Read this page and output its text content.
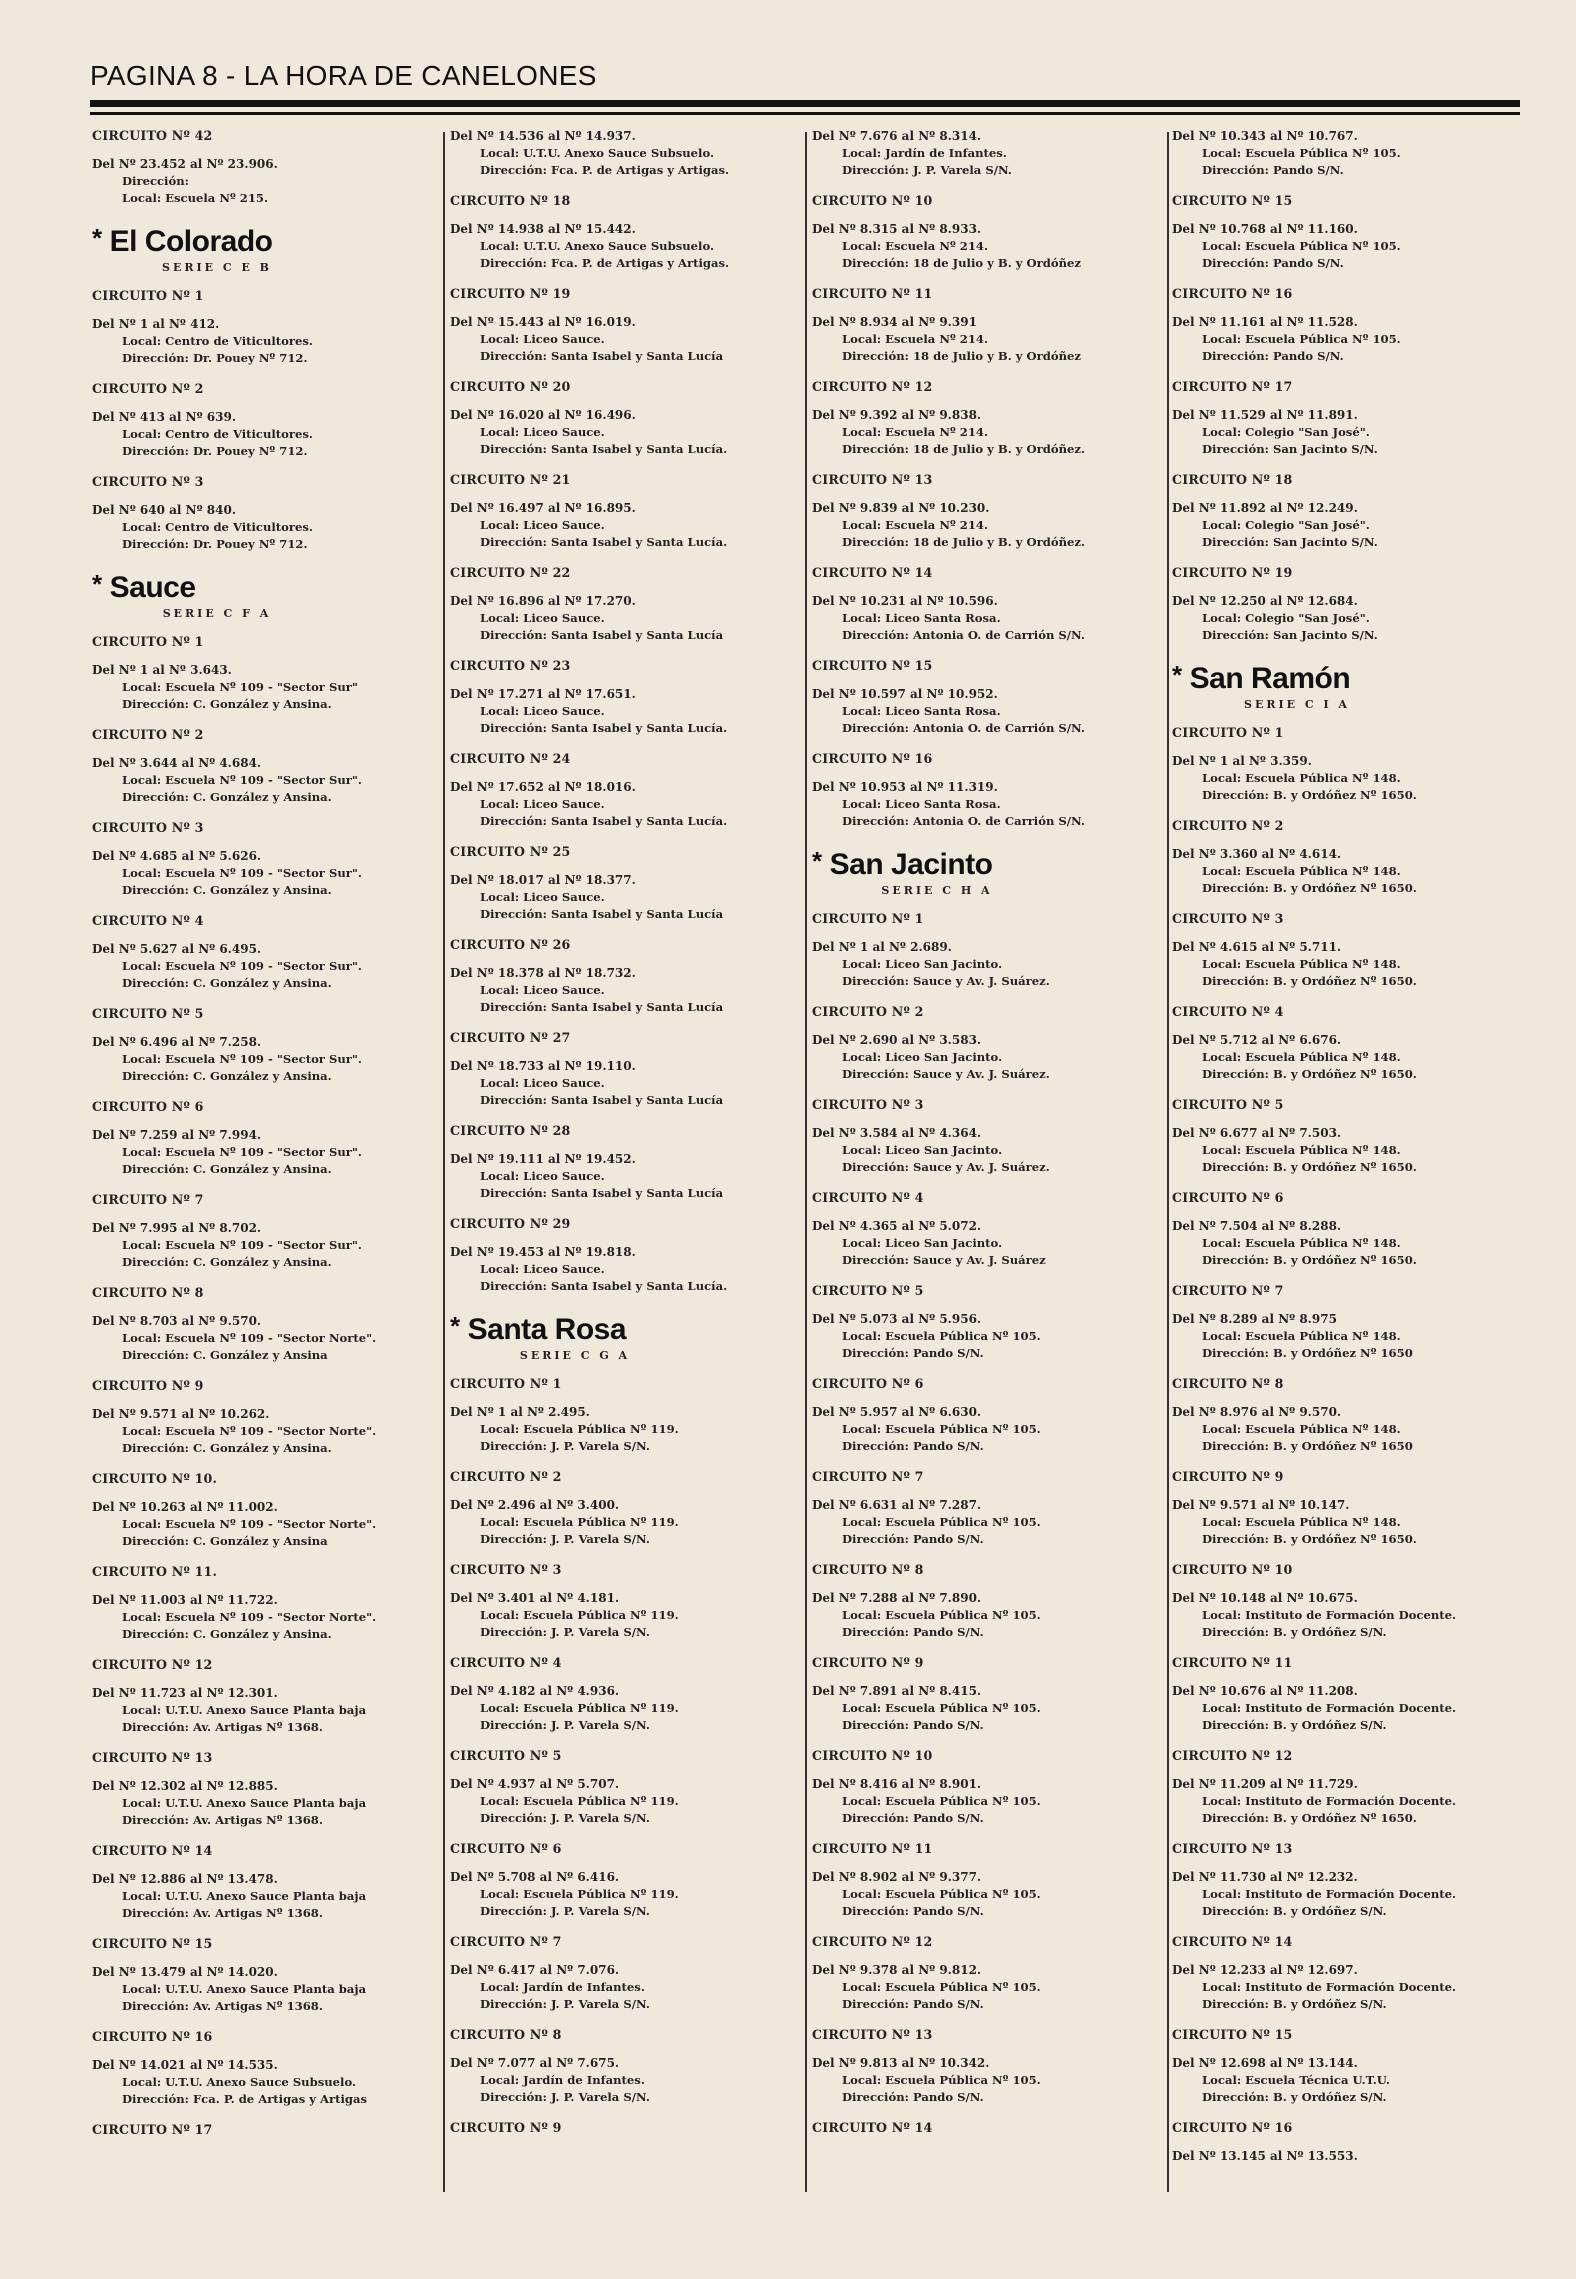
PAGINA 8 - LA HORA DE CANELONES
CIRCUITO Nº 42
Del Nº 23.452 al Nº 23.906.
Dirección:
Local: Escuela Nº 215.
* El Colorado
SERIE C E B
CIRCUITO Nº 1
Del Nº 1 al Nº 412.
Local: Centro de Viticultores.
Dirección: Dr. Pouey Nº 712.
CIRCUITO Nº 2
Del Nº 413 al Nº 639.
Local: Centro de Viticultores.
Dirección: Dr. Pouey Nº 712.
CIRCUITO Nº 3
Del Nº 640 al Nº 840.
Local: Centro de Viticultores.
Dirección: Dr. Pouey Nº 712.
* Sauce
SERIE C F A
CIRCUITO Nº 1
Del Nº 1 al Nº 3.643.
Local: Escuela Nº 109 - "Sector Sur"
Dirección: C. González y Ansina.
CIRCUITO Nº 2
Del Nº 3.644 al Nº 4.684.
Local: Escuela Nº 109 - "Sector Sur".
Dirección: C. González y Ansina.
CIRCUITO Nº 3
Del Nº 4.685 al Nº 5.626.
Local: Escuela Nº 109 - "Sector Sur".
Dirección: C. González y Ansina.
CIRCUITO Nº 4
Del Nº 5.627 al Nº 6.495.
Local: Escuela Nº 109 - "Sector Sur".
Dirección: C. González y Ansina.
CIRCUITO Nº 5
Del Nº 6.496 al Nº 7.258.
Local: Escuela Nº 109 - "Sector Sur".
Dirección: C. González y Ansina.
CIRCUITO Nº 6
Del Nº 7.259 al Nº 7.994.
Local: Escuela Nº 109 - "Sector Sur".
Dirección: C. González y Ansina.
CIRCUITO Nº 7
Del Nº 7.995 al Nº 8.702.
Local: Escuela Nº 109 - "Sector Sur".
Dirección: C. González y Ansina.
CIRCUITO Nº 8
Del Nº 8.703 al Nº 9.570.
Local: Escuela Nº 109 - "Sector Norte".
Dirección: C. González y Ansina
CIRCUITO Nº 9
Del Nº 9.571 al Nº 10.262.
Local: Escuela Nº 109 - "Sector Norte".
Dirección: C. González y Ansina.
CIRCUITO Nº 10.
Del Nº 10.263 al Nº 11.002.
Local: Escuela Nº 109 - "Sector Norte".
Dirección: C. González y Ansina
CIRCUITO Nº 11.
Del Nº 11.003 al Nº 11.722.
Local: Escuela Nº 109 - "Sector Norte".
Dirección: C. González y Ansina.
CIRCUITO Nº 12
Del Nº 11.723 al Nº 12.301.
Local: U.T.U. Anexo Sauce Planta baja
Dirección: Av. Artigas Nº 1368.
CIRCUITO Nº 13
Del Nº 12.302 al Nº 12.885.
Local: U.T.U. Anexo Sauce Planta baja
Dirección: Av. Artigas Nº 1368.
CIRCUITO Nº 14
Del Nº 12.886 al Nº 13.478.
Local: U.T.U. Anexo Sauce Planta baja
Dirección: Av. Artigas Nº 1368.
CIRCUITO Nº 15
Del Nº 13.479 al Nº 14.020.
Local: U.T.U. Anexo Sauce Planta baja
Dirección: Av. Artigas Nº 1368.
CIRCUITO Nº 16
Del Nº 14.021 al Nº 14.535.
Local: U.T.U. Anexo Sauce Subsuelo.
Dirección: Fca. P. de Artigas y Artigas
CIRCUITO Nº 17
Del Nº 14.536 al Nº 14.937.
Local: U.T.U. Anexo Sauce Subsuelo.
Dirección: Fca. P. de Artigas y Artigas.
CIRCUITO Nº 18
Del Nº 14.938 al Nº 15.442.
Local: U.T.U. Anexo Sauce Subsuelo.
Dirección: Fca. P. de Artigas y Artigas.
CIRCUITO Nº 19
Del Nº 15.443 al Nº 16.019.
Local: Liceo Sauce.
Dirección: Santa Isabel y Santa Lucía
CIRCUITO Nº 20
Del Nº 16.020 al Nº 16.496.
Local: Liceo Sauce.
Dirección: Santa Isabel y Santa Lucía.
CIRCUITO Nº 21
Del Nº 16.497 al Nº 16.895.
Local: Liceo Sauce.
Dirección: Santa Isabel y Santa Lucía.
CIRCUITO Nº 22
Del Nº 16.896 al Nº 17.270.
Local: Liceo Sauce.
Dirección: Santa Isabel y Santa Lucía
CIRCUITO Nº 23
Del Nº 17.271 al Nº 17.651.
Local: Liceo Sauce.
Dirección: Santa Isabel y Santa Lucía.
CIRCUITO Nº 24
Del Nº 17.652 al Nº 18.016.
Local: Liceo Sauce.
Dirección: Santa Isabel y Santa Lucía.
CIRCUITO Nº 25
Del Nº 18.017 al Nº 18.377.
Local: Liceo Sauce.
Dirección: Santa Isabel y Santa Lucía
CIRCUITO Nº 26
Del Nº 18.378 al Nº 18.732.
Local: Liceo Sauce.
Dirección: Santa Isabel y Santa Lucía
CIRCUITO Nº 27
Del Nº 18.733 al Nº 19.110.
Local: Liceo Sauce.
Dirección: Santa Isabel y Santa Lucía
CIRCUITO Nº 28
Del Nº 19.111 al Nº 19.452.
Local: Liceo Sauce.
Dirección: Santa Isabel y Santa Lucía
CIRCUITO Nº 29
Del Nº 19.453 al Nº 19.818.
Local: Liceo Sauce.
Dirección: Santa Isabel y Santa Lucía.
* Santa Rosa
SERIE C G A
CIRCUITO Nº 1
Del Nº 1 al Nº 2.495.
Local: Escuela Pública Nº 119.
Dirección: J. P. Varela S/N.
CIRCUITO Nº 2
Del Nº 2.496 al Nº 3.400.
Local: Escuela Pública Nº 119.
Dirección: J. P. Varela S/N.
CIRCUITO Nº 3
Del Nº 3.401 al Nº 4.181.
Local: Escuela Pública Nº 119.
Dirección: J. P. Varela S/N.
CIRCUITO Nº 4
Del Nº 4.182 al Nº 4.936.
Local: Escuela Pública Nº 119.
Dirección: J. P. Varela S/N.
CIRCUITO Nº 5
Del Nº 4.937 al Nº 5.707.
Local: Escuela Pública Nº 119.
Dirección: J. P. Varela S/N.
CIRCUITO Nº 6
Del Nº 5.708 al Nº 6.416.
Local: Escuela Pública Nº 119.
Dirección: J. P. Varela S/N.
CIRCUITO Nº 7
Del Nº 6.417 al Nº 7.076.
Local: Jardín de Infantes.
Dirección: J. P. Varela S/N.
CIRCUITO Nº 8
Del Nº 7.077 al Nº 7.675.
Local: Jardín de Infantes.
Dirección: J. P. Varela S/N.
CIRCUITO Nº 9
Del Nº 7.676 al Nº 8.314.
Local: Jardín de Infantes.
Dirección: J. P. Varela S/N.
CIRCUITO Nº 10
Del Nº 8.315 al Nº 8.933.
Local: Escuela Nº 214.
Dirección: 18 de Julio y B. y Ordóñez
CIRCUITO Nº 11
Del Nº 8.934 al Nº 9.391
Local: Escuela Nº 214.
Dirección: 18 de Julio y B. y Ordóñez
CIRCUITO Nº 12
Del Nº 9.392 al Nº 9.838.
Local: Escuela Nº 214.
Dirección: 18 de Julio y B. y Ordóñez.
CIRCUITO Nº 13
Del Nº 9.839 al Nº 10.230.
Local: Escuela Nº 214.
Dirección: 18 de Julio y B. y Ordóñez.
CIRCUITO Nº 14
Del Nº 10.231 al Nº 10.596.
Local: Liceo Santa Rosa.
Dirección: Antonia O. de Carrión S/N.
CIRCUITO Nº 15
Del Nº 10.597 al Nº 10.952.
Local: Liceo Santa Rosa.
Dirección: Antonia O. de Carrión S/N.
CIRCUITO Nº 16
Del Nº 10.953 al Nº 11.319.
Local: Liceo Santa Rosa.
Dirección: Antonia O. de Carrión S/N.
* San Jacinto
SERIE C H A
CIRCUITO Nº 1
Del Nº 1 al Nº 2.689.
Local: Liceo San Jacinto.
Dirección: Sauce y Av. J. Suárez.
CIRCUITO Nº 2
Del Nº 2.690 al Nº 3.583.
Local: Liceo San Jacinto.
Dirección: Sauce y Av. J. Suárez.
CIRCUITO Nº 3
Del Nº 3.584 al Nº 4.364.
Local: Liceo San Jacinto.
Dirección: Sauce y Av. J. Suárez.
CIRCUITO Nº 4
Del Nº 4.365 al Nº 5.072.
Local: Liceo San Jacinto.
Dirección: Sauce y Av. J. Suárez
CIRCUITO Nº 5
Del Nº 5.073 al Nº 5.956.
Local: Escuela Pública Nº 105.
Dirección: Pando S/N.
CIRCUITO Nº 6
Del Nº 5.957 al Nº 6.630.
Local: Escuela Pública Nº 105.
Dirección: Pando S/N.
CIRCUITO Nº 7
Del Nº 6.631 al Nº 7.287.
Local: Escuela Pública Nº 105.
Dirección: Pando S/N.
CIRCUITO Nº 8
Del Nº 7.288 al Nº 7.890.
Local: Escuela Pública Nº 105.
Dirección: Pando S/N.
CIRCUITO Nº 9
Del Nº 7.891 al Nº 8.415.
Local: Escuela Pública Nº 105.
Dirección: Pando S/N.
CIRCUITO Nº 10
Del Nº 8.416 al Nº 8.901.
Local: Escuela Pública Nº 105.
Dirección: Pando S/N.
CIRCUITO Nº 11
Del Nº 8.902 al Nº 9.377.
Local: Escuela Pública Nº 105.
Dirección: Pando S/N.
CIRCUITO Nº 12
Del Nº 9.378 al Nº 9.812.
Local: Escuela Pública Nº 105.
Dirección: Pando S/N.
CIRCUITO Nº 13
Del Nº 9.813 al Nº 10.342.
Local: Escuela Pública Nº 105.
Dirección: Pando S/N.
CIRCUITO Nº 14
Del Nº 10.343 al Nº 10.767.
Local: Escuela Pública Nº 105.
Dirección: Pando S/N.
CIRCUITO Nº 15
Del Nº 10.768 al Nº 11.160.
Local: Escuela Pública Nº 105.
Dirección: Pando S/N.
CIRCUITO Nº 16
Del Nº 11.161 al Nº 11.528.
Local: Escuela Pública Nº 105.
Dirección: Pando S/N.
CIRCUITO Nº 17
Del Nº 11.529 al Nº 11.891.
Local: Colegio "San José".
Dirección: San Jacinto S/N.
CIRCUITO Nº 18
Del Nº 11.892 al Nº 12.249.
Local: Colegio "San José".
Dirección: San Jacinto S/N.
CIRCUITO Nº 19
Del Nº 12.250 al Nº 12.684.
Local: Colegio "San José".
Dirección: San Jacinto S/N.
* San Ramón
SERIE C I A
CIRCUITO Nº 1
Del Nº 1 al Nº 3.359.
Local: Escuela Pública Nº 148.
Dirección: B. y Ordóñez Nº 1650.
CIRCUITO Nº 2
Del Nº 3.360 al Nº 4.614.
Local: Escuela Pública Nº 148.
Dirección: B. y Ordóñez Nº 1650.
CIRCUITO Nº 3
Del Nº 4.615 al Nº 5.711.
Local: Escuela Pública Nº 148.
Dirección: B. y Ordóñez Nº 1650.
CIRCUITO Nº 4
Del Nº 5.712 al Nº 6.676.
Local: Escuela Pública Nº 148.
Dirección: B. y Ordóñez Nº 1650.
CIRCUITO Nº 5
Del Nº 6.677 al Nº 7.503.
Local: Escuela Pública Nº 148.
Dirección: B. y Ordóñez Nº 1650.
CIRCUITO Nº 6
Del Nº 7.504 al Nº 8.288.
Local: Escuela Pública Nº 148.
Dirección: B. y Ordóñez Nº 1650.
CIRCUITO Nº 7
Del Nº 8.289 al Nº 8.975
Local: Escuela Pública Nº 148.
Dirección: B. y Ordóñez Nº 1650
CIRCUITO Nº 8
Del Nº 8.976 al Nº 9.570.
Local: Escuela Pública Nº 148.
Dirección: B. y Ordóñez Nº 1650
CIRCUITO Nº 9
Del Nº 9.571 al Nº 10.147.
Local: Escuela Pública Nº 148.
Dirección: B. y Ordóñez Nº 1650.
CIRCUITO Nº 10
Del Nº 10.148 al Nº 10.675.
Local: Instituto de Formación Docente.
Dirección: B. y Ordóñez S/N.
CIRCUITO Nº 11
Del Nº 10.676 al Nº 11.208.
Local: Instituto de Formación Docente.
Dirección: B. y Ordóñez S/N.
CIRCUITO Nº 12
Del Nº 11.209 al Nº 11.729.
Local: Instituto de Formación Docente.
Dirección: B. y Ordóñez Nº 1650.
CIRCUITO Nº 13
Del Nº 11.730 al Nº 12.232.
Local: Instituto de Formación Docente.
Dirección: B. y Ordóñez S/N.
CIRCUITO Nº 14
Del Nº 12.233 al Nº 12.697.
Local: Instituto de Formación Docente.
Dirección: B. y Ordóñez S/N.
CIRCUITO Nº 15
Del Nº 12.698 al Nº 13.144.
Local: Escuela Técnica U.T.U.
Dirección: B. y Ordóñez S/N.
CIRCUITO Nº 16
Del Nº 13.145 al Nº 13.553.
